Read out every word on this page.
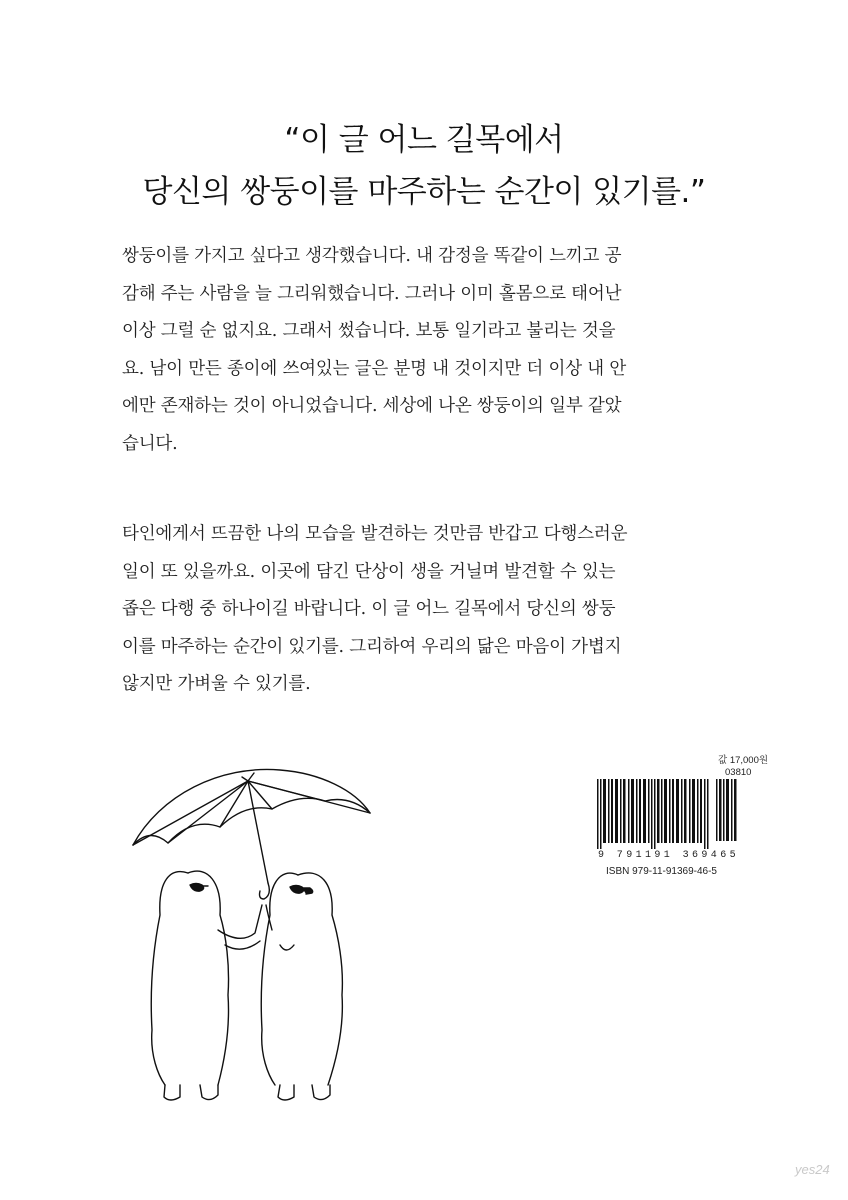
“이 글 어느 길목에서
당신의 쌍둥이를 마주하는 순간이 있기를.”
쌍둥이를 가지고 싶다고 생각했습니다. 내 감정을 똑같이 느끼고 공
감해 주는 사람을 늘 그리워했습니다. 그러나 이미 홀몸으로 태어난
이상 그럴 순 없지요. 그래서 썼습니다. 보통 일기라고 불리는 것을
요. 남이 만든 종이에 쓰여있는 글은 분명 내 것이지만 더 이상 내 안
에만 존재하는 것이 아니었습니다. 세상에 나온 쌍둥이의 일부 같았
습니다.
타인에게서 뜨끔한 나의 모습을 발견하는 것만큼 반갑고 다행스러운
일이 또 있을까요. 이곳에 담긴 단상이 생을 거닐며 발견할 수 있는
좁은 다행 중 하나이길 바랍니다. 이 글 어느 길목에서 당신의 쌍둥
이를 마주하는 순간이 있기를. 그리하여 우리의 닮은 마음이 가볍지
않지만 가벼울 수 있기를.
값 17,000원
03810
9 791191 369465
ISBN 979-11-91369-46-5
yes24
